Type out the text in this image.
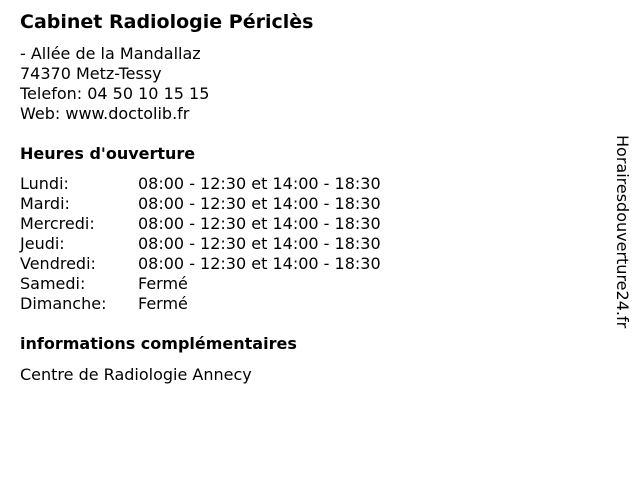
Cabinet Radiologie Périclès
- Allée de la Mandallaz
74370 Metz-Tessy
Telefon: 04 50 10 15 15
Web: www.doctolib.fr
Heures d'ouverture
Lundi:	08:00 - 12:30 et 14:00 - 18:30
Mardi:	08:00 - 12:30 et 14:00 - 18:30
Mercredi:	08:00 - 12:30 et 14:00 - 18:30
Jeudi:	08:00 - 12:30 et 14:00 - 18:30
Vendredi:	08:00 - 12:30 et 14:00 - 18:30
Samedi:	Fermé
Dimanche:	Fermé
informations complémentaires
Centre de Radiologie Annecy
Horairesdouverture24.fr
